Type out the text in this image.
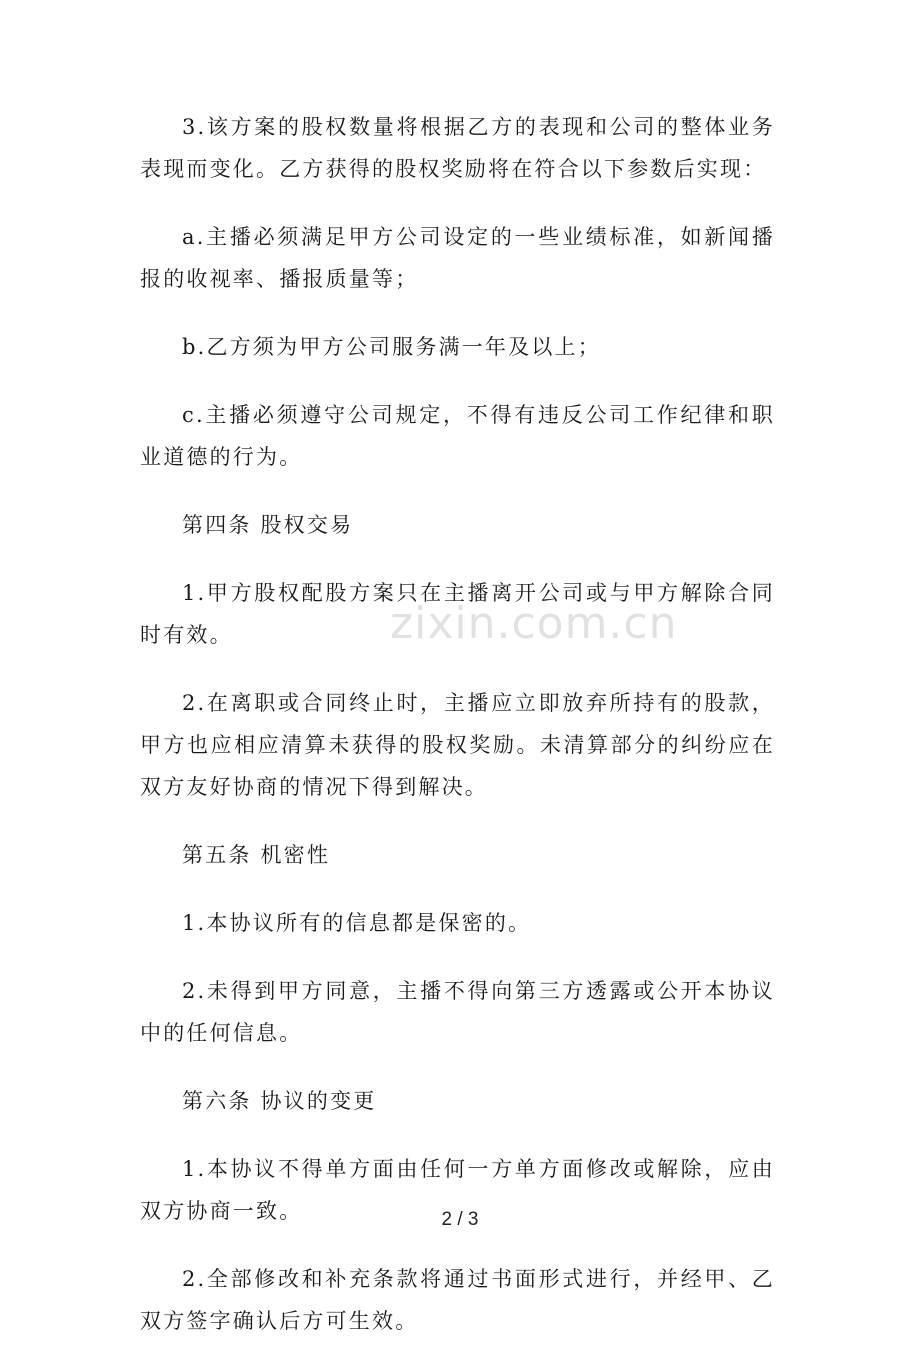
3.该方案的股权数量将根据乙方的表现和公司的整体业务表现而变化。乙方获得的股权奖励将在符合以下参数后实现：

a.主播必须满足甲方公司设定的一些业绩标准，如新闻播报的收视率、播报质量等；

b.乙方须为甲方公司服务满一年及以上；

c.主播必须遵守公司规定，不得有违反公司工作纪律和职业道德的行为。

第四条 股权交易

1.甲方股权配股方案只在主播离开公司或与甲方解除合同时有效。

2.在离职或合同终止时，主播应立即放弃所持有的股款，甲方也应相应清算未获得的股权奖励。未清算部分的纠纷应在双方友好协商的情况下得到解决。

第五条 机密性

1.本协议所有的信息都是保密的。

2.未得到甲方同意，主播不得向第三方透露或公开本协议中的任何信息。

第六条 协议的变更

1.本协议不得单方面由任何一方单方面修改或解除，应由双方协商一致。

2.全部修改和补充条款将通过书面形式进行，并经甲、乙双方签字确认后方可生效。

zixin.com.cn
2 / 3
